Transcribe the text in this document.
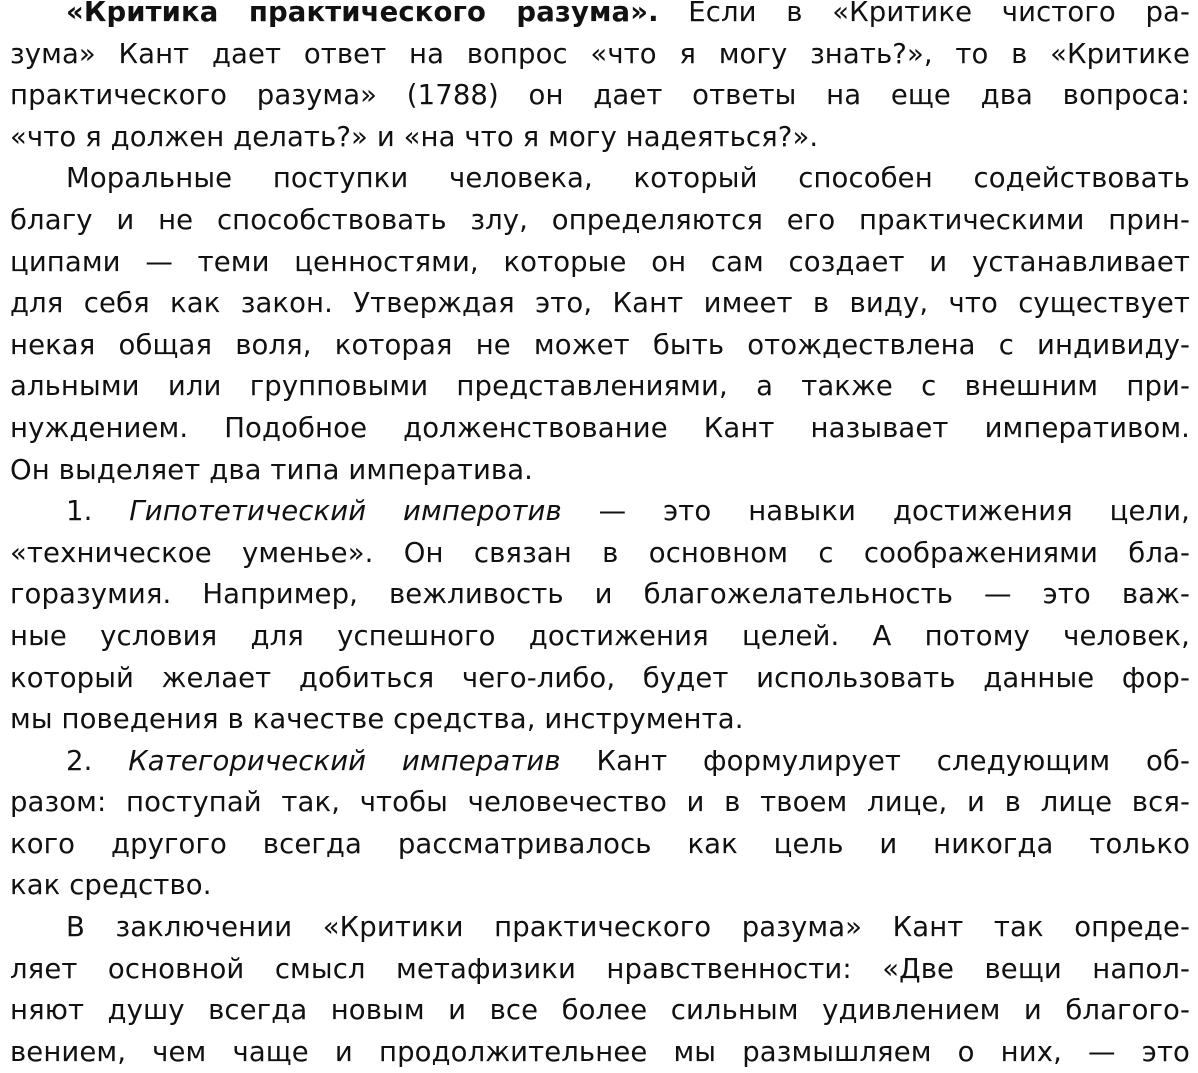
«Критика практического разума». Если в «Критике чистого ра-
зума» Кант дает ответ на вопрос «что я могу знать?», то в «Критике
практического разума» (1788) он дает ответы на еще два вопроса:
«что я должен делать?» и «на что я могу надеяться?».
Моральные поступки человека, который способен содействовать
благу и не способствовать злу, определяются его практическими прин-
ципами — теми ценностями, которые он сам создает и устанавливает
для себя как закон. Утверждая это, Кант имеет в виду, что существует
некая общая воля, которая не может быть отождествлена с индивиду-
альными или групповыми представлениями, а также с внешним при-
нуждением. Подобное долженствование Кант называет императивом.
Он выделяет два типа императива.
1. Гипотетический имперотив — это навыки достижения цели,
«техническое уменье». Он связан в основном с соображениями бла-
горазумия. Например, вежливость и благожелательность — это важ-
ные условия для успешного достижения целей. А потому человек,
который желает добиться чего-либо, будет использовать данные фор-
мы поведения в качестве средства, инструмента.
2. Категорический императив Кант формулирует следующим об-
разом: поступай так, чтобы человечество и в твоем лице, и в лице вся-
кого другого всегда рассматривалось как цель и никогда только
как средство.
В заключении «Критики практического разума» Кант так опреде-
ляет основной смысл метафизики нравственности: «Две вещи напол-
няют душу всегда новым и все более сильным удивлением и благого-
вением, чем чаще и продолжительнее мы размышляем о них, — это
